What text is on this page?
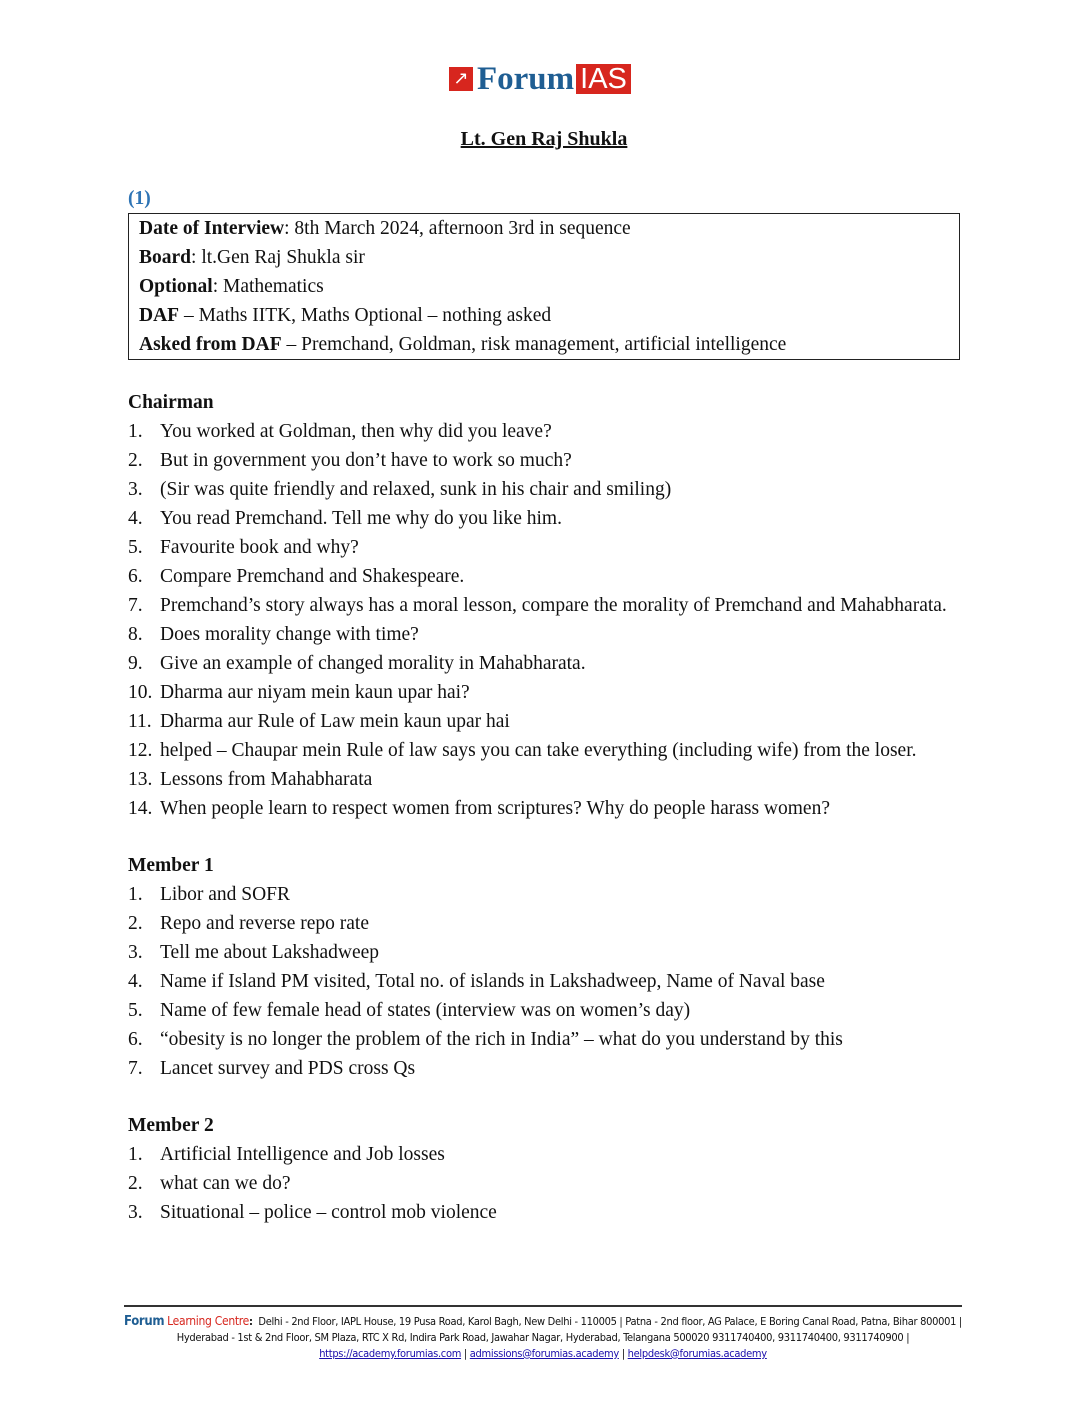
↗ Forum IAS
Lt. Gen Raj Shukla
(1)
Date of Interview: 8th March 2024, afternoon 3rd in sequence
Board: lt.Gen Raj Shukla sir
Optional: Mathematics
DAF – Maths IITK, Maths Optional – nothing asked
Asked from DAF – Premchand, Goldman, risk management, artificial intelligence
Chairman
1. You worked at Goldman, then why did you leave?
2. But in government you don’t have to work so much?
3. (Sir was quite friendly and relaxed, sunk in his chair and smiling)
4. You read Premchand. Tell me why do you like him.
5. Favourite book and why?
6. Compare Premchand and Shakespeare.
7. Premchand’s story always has a moral lesson, compare the morality of Premchand and Mahabharata.
8. Does morality change with time?
9. Give an example of changed morality in Mahabharata.
10. Dharma aur niyam mein kaun upar hai?
11. Dharma aur Rule of Law mein kaun upar hai
12. helped – Chaupar mein Rule of law says you can take everything (including wife) from the loser.
13. Lessons from Mahabharata
14. When people learn to respect women from scriptures? Why do people harass women?
Member 1
1. Libor and SOFR
2. Repo and reverse repo rate
3. Tell me about Lakshadweep
4. Name if Island PM visited, Total no. of islands in Lakshadweep, Name of Naval base
5. Name of few female head of states (interview was on women’s day)
6. “obesity is no longer the problem of the rich in India” – what do you understand by this
7. Lancet survey and PDS cross Qs
Member 2
1. Artificial Intelligence and Job losses
2. what can we do?
3. Situational – police – control mob violence
Forum Learning Centre: Delhi - 2nd Floor, IAPL House, 19 Pusa Road, Karol Bagh, New Delhi - 110005 | Patna - 2nd floor, AG Palace, E Boring Canal Road, Patna, Bihar 800001 | Hyderabad - 1st & 2nd Floor, SM Plaza, RTC X Rd, Indira Park Road, Jawahar Nagar, Hyderabad, Telangana 500020 9311740400, 9311740400, 9311740900 | https://academy.forumias.com | admissions@forumias.academy | helpdesk@forumias.academy
